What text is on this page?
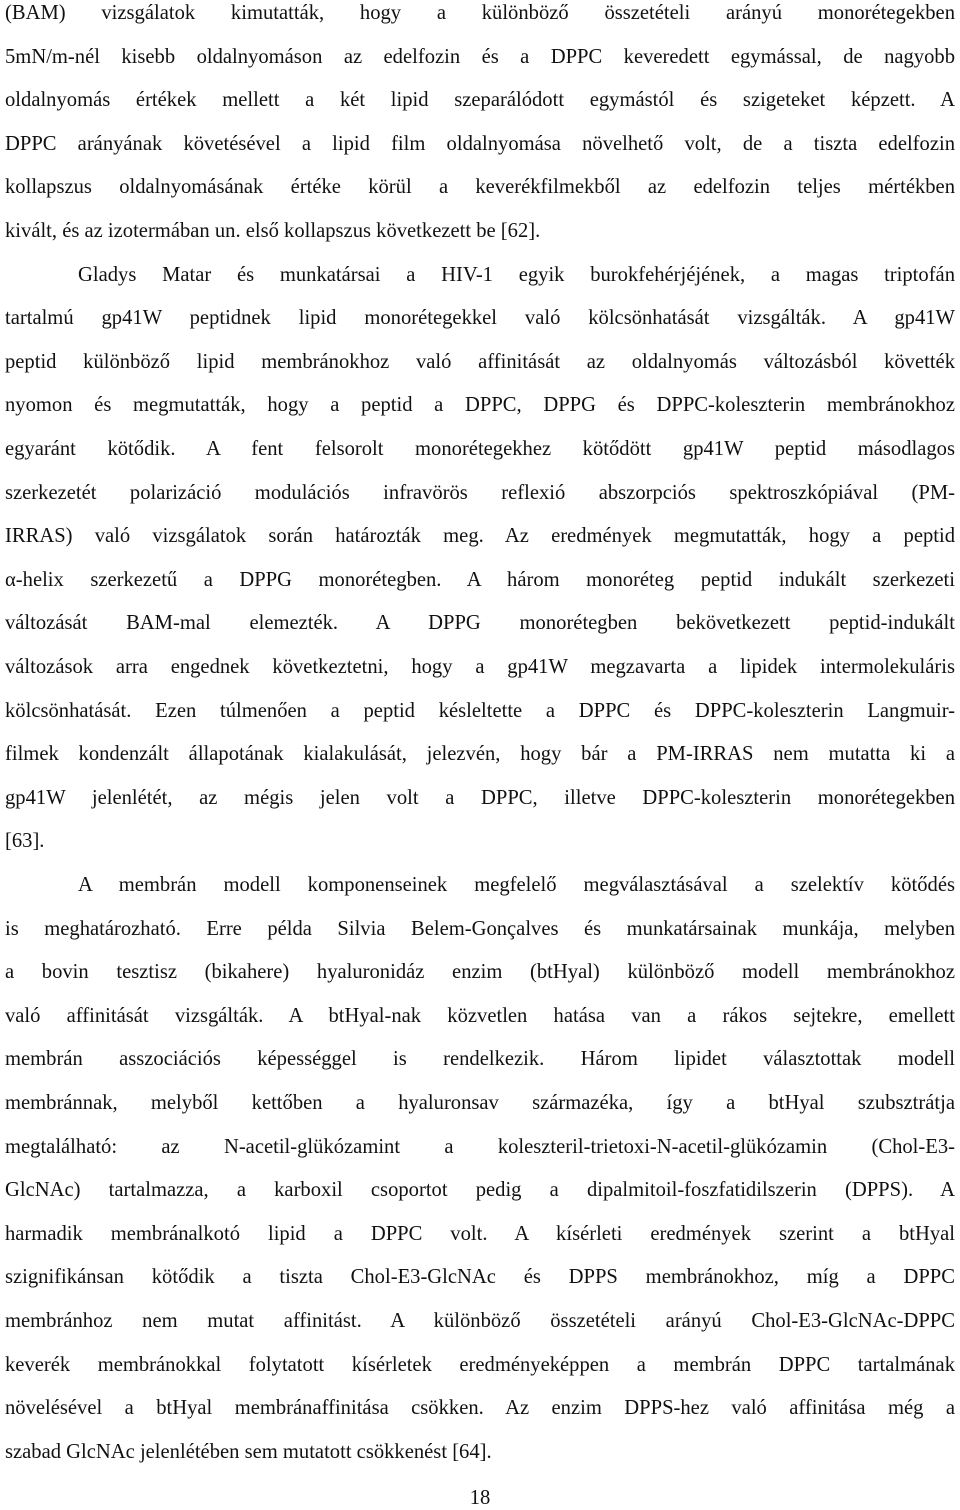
(BAM) vizsgálatok kimutatták, hogy a különböző összetételi arányú monorétegekben
5mN/m-nél kisebb oldalnyomáson az edelfozin és a DPPC keveredett egymással, de nagyobb
oldalnyomás értékek mellett a két lipid szeparálódott egymástól és szigeteket képzett. A
DPPC arányának követésével a lipid film oldalnyomása növelhető volt, de a tiszta edelfozin
kollapszus oldalnyomásának értéke körül a keverékfilmekből az edelfozin teljes mértékben
kivált, és az izotermában un. első kollapszus következett be [62].
Gladys Matar és munkatársai a HIV-1 egyik burokfehérjéjének, a magas triptofán
tartalmú gp41W peptidnek lipid monorétegekkel való kölcsönhatását vizsgálták. A gp41W
peptid különböző lipid membránokhoz való affinitását az oldalnyomás változásból követték
nyomon és megmutatták, hogy a peptid a DPPC, DPPG és DPPC-koleszterin membránokhoz
egyaránt kötődik. A fent felsorolt monorétegekhez kötődött gp41W peptid másodlagos
szerkezetét polarizáció modulációs infravörös reflexió abszorpciós spektroszkópiával (PM-
IRRAS) való vizsgálatok során határozták meg. Az eredmények megmutatták, hogy a peptid
α-helix szerkezetű a DPPG monorétegben. A három monoréteg peptid indukált szerkezeti
változását BAM-mal elemezték. A DPPG monorétegben bekövetkezett peptid-indukált
változások arra engednek következtetni, hogy a gp41W megzavarta a lipidek intermolekuláris
kölcsönhatását. Ezen túlmenően a peptid késleltette a DPPC és DPPC-koleszterin Langmuir-
filmek kondenzált állapotának kialakulását, jelezvén, hogy bár a PM-IRRAS nem mutatta ki a
gp41W jelenlétét, az mégis jelen volt a DPPC, illetve DPPC-koleszterin monorétegekben
[63].
A membrán modell komponenseinek megfelelő megválasztásával a szelektív kötődés
is meghatározható. Erre példa Silvia Belem-Gonçalves és munkatársainak munkája, melyben
a bovin tesztisz (bikahere) hyaluronidáz enzim (btHyal) különböző modell membránokhoz
való affinitását vizsgálták. A btHyal-nak közvetlen hatása van a rákos sejtekre, emellett
membrán asszociációs képességgel is rendelkezik. Három lipidet választottak modell
membránnak, melyből kettőben a hyaluronsav származéka, így a btHyal szubsztrátja
megtalálható: az N-acetil-glükózamint a koleszteril-trietoxi-N-acetil-glükózamin (Chol-E3-
GlcNAc) tartalmazza, a karboxil csoportot pedig a dipalmitoil-foszfatidilszerin (DPPS). A
harmadik membránalkotó lipid a DPPC volt. A kísérleti eredmények szerint a btHyal
szignifikánsan kötődik a tiszta Chol-E3-GlcNAc és DPPS membránokhoz, míg a DPPC
membránhoz nem mutat affinitást. A különböző összetételi arányú Chol-E3-GlcNAc-DPPC
keverék membránokkal folytatott kísérletek eredményeképpen a membrán DPPC tartalmának
növelésével a btHyal membránaffinitása csökken. Az enzim DPPS-hez való affinitása még a
szabad GlcNAc jelenlétében sem mutatott csökkenést [64].
18
